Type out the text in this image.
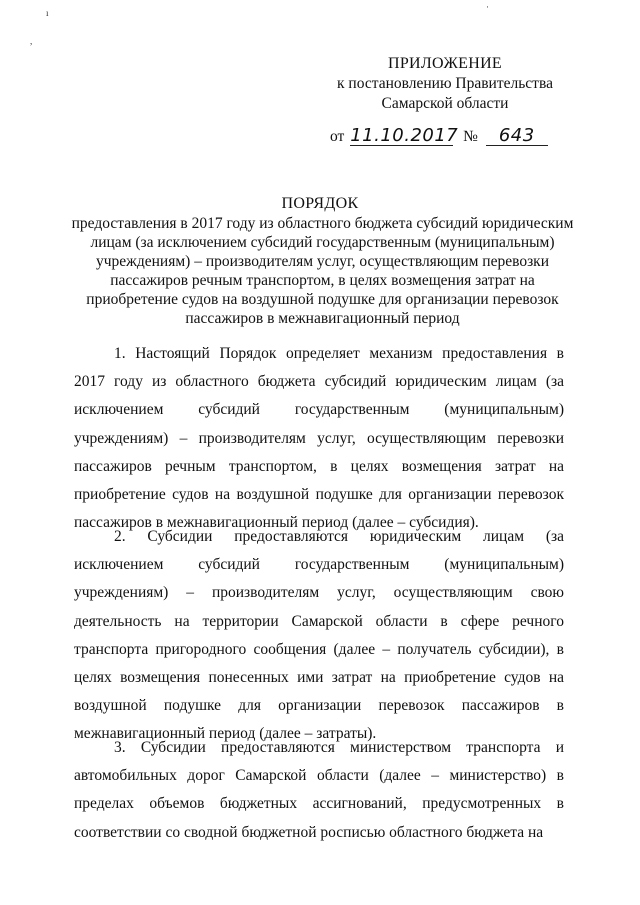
ı
,
·
ПРИЛОЖЕНИЕ
к постановлению Правительства
Самарской области
от 11.10.2017 № 643
ПОРЯДОК
предоставления в 2017 году из областного бюджета субсидий юридическим лицам (за исключением субсидий государственным (муниципальным) учреждениям) – производителям услуг, осуществляющим перевозки пассажиров речным транспортом, в целях возмещения затрат на приобретение судов на воздушной подушке для организации перевозок пассажиров в межнавигационный период

1. Настоящий Порядок определяет механизм предоставления в 2017 году из областного бюджета субсидий юридическим лицам (за исключением субсидий государственным (муниципальным) учреждениям) – производителям услуг, осуществляющим перевозки пассажиров речным транспортом, в целях возмещения затрат на приобретение судов на воздушной подушке для организации перевозок пассажиров в межнавигационный период (далее – субсидия).

2. Субсидии предоставляются юридическим лицам (за исключением субсидий государственным (муниципальным) учреждениям) – производителям услуг, осуществляющим свою деятельность на территории Самарской области в сфере речного транспорта пригородного сообщения (далее – получатель субсидии), в целях возмещения понесенных ими затрат на приобретение судов на воздушной подушке для организации перевозок пассажиров в межнавигационный период (далее – затраты).

3. Субсидии предоставляются министерством транспорта и автомобильных дорог Самарской области (далее – министерство) в пределах объемов бюджетных ассигнований, предусмотренных в соответствии со сводной бюджетной росписью областного бюджета на
